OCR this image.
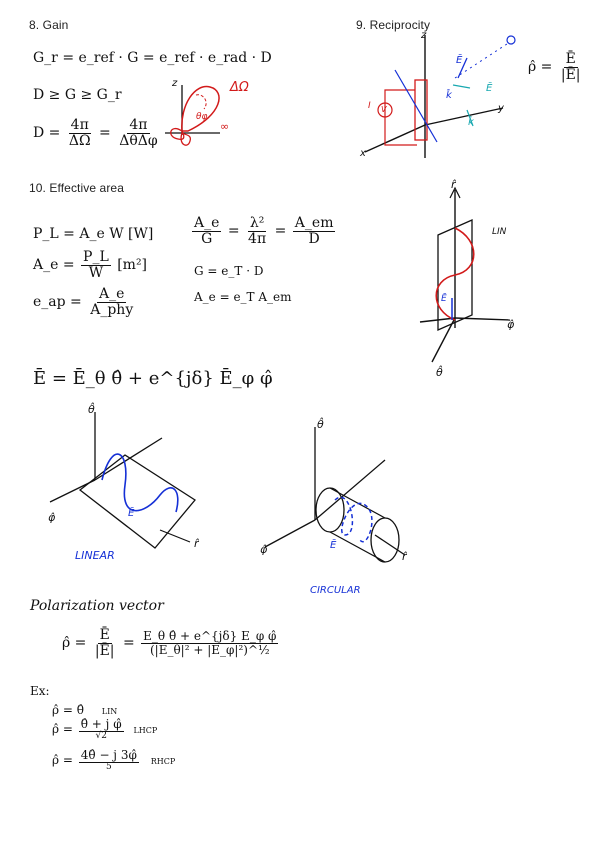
8. Gain	9. Reciprocity
10. Effective area
G_r = e_ref · G = e_ref · e_rad · D
D ≥ G ≥ G_r
$D = \frac{4\pi}{\Delta\Omega} = \frac{4\pi}{\text{ΔθΔφ}}$
ΔΩ
z
θφ
∞
z
y
x
Ē
Ē
k̂
k̂
I V
ρ̂ = $\frac{Ē}{|Ē|}$
P_L = A_e W [W]
A_e = $\frac{P\_L}{W} [m^2]$
e_ap = $\frac{A\_e}{\text{A\_phy}}$
$\frac{A\_e}{G} = \frac{\text{λ²}}{4\pi} = \frac{A\_em}{D}$
G = e_T · D
A_e = e_T A_em
r̂
φ̂
θ̂
LIN
Ē
Ē = Ē_θ θ̂ + e^{jδ} Ē_φ φ̂
θ̂
φ̂
r̂
Ē
LINEAR
θ̂
φ̂
r̂
Ē
CIRCULAR
Polarization vector
ρ̂ = $\frac{Ē}{|Ē|} = \frac{\text{E\_θ θ̂ + e\textasciicircum{}\{jδ\} E\_φ φ̂}}{\text{(|E\_θ|² + |E\_φ|²)\textasciicircum{}½}}$
Ex:
ρ̂ = θ̂ LIN
ρ̂ = $\frac{\text{θ̂ + j φ̂}}{√2}$ LHCP
ρ̂ = $\frac{4\thetâ - j 3\varphî}{5}$ RHCP
